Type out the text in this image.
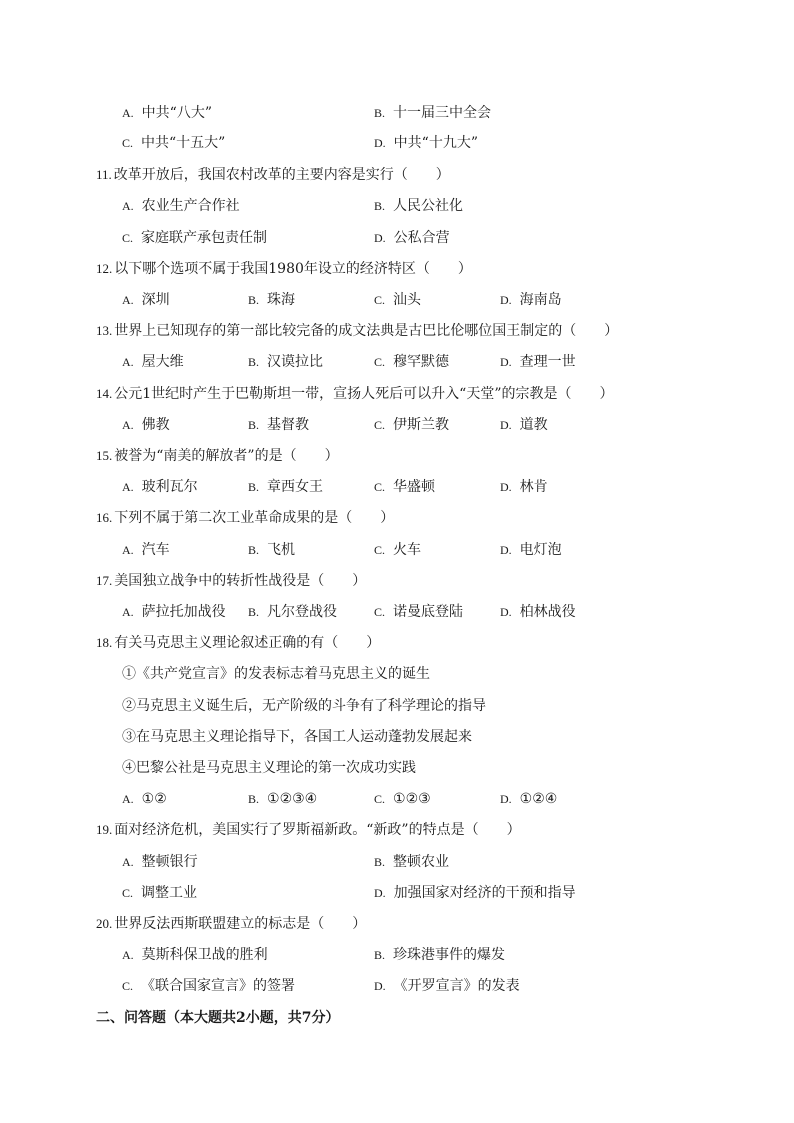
A. 中共“八大”	B. 十一届三中全会
C. 中共“十五大”	D. 中共“十九大”
11. 改革开放后，我国农村改革的主要内容是实行（　　）
A. 农业生产合作社	B. 人民公社化
C. 家庭联产承包责任制	D. 公私合营
12. 以下哪个选项不属于我国1980年设立的经济特区（　　）
A. 深圳	B. 珠海	C. 汕头	D. 海南岛
13. 世界上已知现存的第一部比较完备的成文法典是古巴比伦哪位国王制定的（　　）
A. 屋大维	B. 汉谟拉比	C. 穆罕默德	D. 查理一世
14. 公元1世纪时产生于巴勒斯坦一带，宣扬人死后可以升入“天堂”的宗教是（　　）
A. 佛教	B. 基督教	C. 伊斯兰教	D. 道教
15. 被誉为“南美的解放者”的是（　　）
A. 玻利瓦尔	B. 章西女王	C. 华盛顿	D. 林肯
16. 下列不属于第二次工业革命成果的是（　　）
A. 汽车	B. 飞机	C. 火车	D. 电灯泡
17. 美国独立战争中的转折性战役是（　　）
A. 萨拉托加战役 B. 凡尔登战役	C. 诺曼底登陆	D. 柏林战役
18. 有关马克思主义理论叙述正确的有（　　）
①《共产党宣言》的发表标志着马克思主义的诞生
②马克思主义诞生后，无产阶级的斗争有了科学理论的指导
③在马克思主义理论指导下，各国工人运动蓬勃发展起来
④巴黎公社是马克思主义理论的第一次成功实践
A. ①②	B. ①②③④	C. ①②③	D. ①②④
19. 面对经济危机，美国实行了罗斯福新政。“新政”的特点是（　　）
A. 整顿银行	B. 整顿农业
C. 调整工业	D. 加强国家对经济的干预和指导
20. 世界反法西斯联盟建立的标志是（　　）
A. 莫斯科保卫战的胜利	B. 珍珠港事件的爆发
C. 《联合国家宣言》的签署	D. 《开罗宣言》的发表
二、问答题（本大题共2小题，共7分）
